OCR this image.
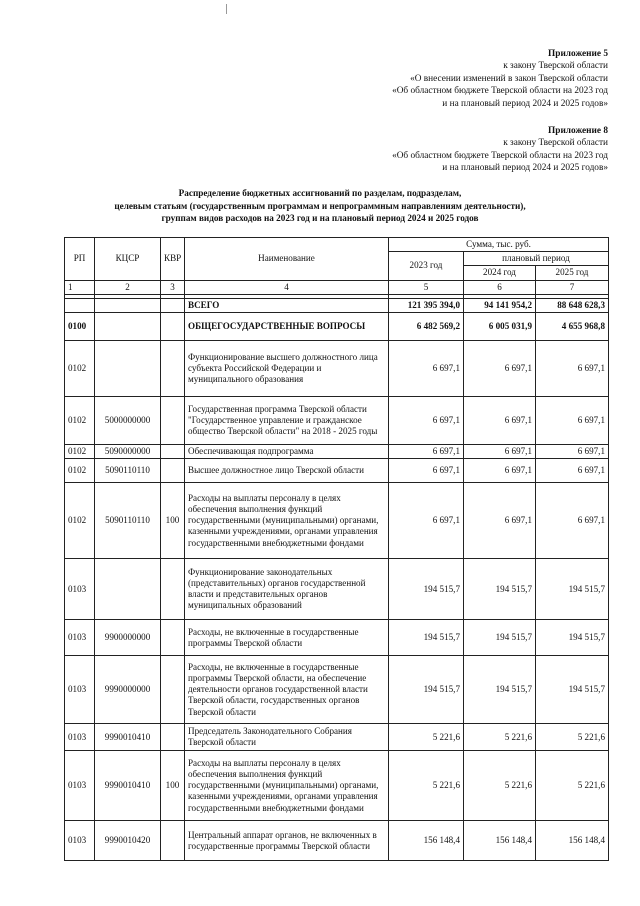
Приложение 5
к закону Тверской области
«О внесении изменений в закон Тверской области
«Об областном бюджете Тверской области на 2023 год
и на плановый период 2024 и 2025 годов»
Приложение 8
к закону Тверской области
«Об областном бюджете Тверской области на 2023 год
и на плановый период 2024 и 2025 годов»
Распределение бюджетных ассигнований по разделам, подразделам,
целевым статьям (государственным программам и непрограммным направлениям деятельности),
группам видов расходов на 2023 год и на плановый период 2024 и 2025 годов
РП	КЦСР	КВР	Наименование	Сумма, тыс. руб.		
				2023 год	плановый период	
					2024 год	2025 год
1	2	3	4	5	6	7

			ВСЕГО	121 395 394,0	94 141 954,2	88 648 628,3
0100			ОБЩЕГОСУДАРСТВЕННЫЕ ВОПРОСЫ	6 482 569,2	6 005 031,9	4 655 968,8
0102			Функционирование высшего должностного лица субъекта Российской Федерации и муниципального образования	6 697,1	6 697,1	6 697,1
0102	5000000000		Государственная программа Тверской области "Государственное управление и гражданское общество Тверской области" на 2018 - 2025 годы	6 697,1	6 697,1	6 697,1
0102	5090000000		Обеспечивающая подпрограмма	6 697,1	6 697,1	6 697,1
0102	5090110110		Высшее должностное лицо Тверской области	6 697,1	6 697,1	6 697,1
0102	5090110110	100	Расходы на выплаты персоналу в целях обеспечения выполнения функций государственными (муниципальными) органами, казенными учреждениями, органами управления государственными внебюджетными фондами	6 697,1	6 697,1	6 697,1
0103			Функционирование законодательных (представительных) органов государственной власти и представительных органов муниципальных образований	194 515,7	194 515,7	194 515,7
0103	9900000000		Расходы, не включенные в государственные программы Тверской области	194 515,7	194 515,7	194 515,7
0103	9990000000		Расходы, не включенные в государственные программы Тверской области, на обеспечение деятельности органов государственной власти Тверской области, государственных органов Тверской области	194 515,7	194 515,7	194 515,7
0103	9990010410		Председатель Законодательного Собрания Тверской области	5 221,6	5 221,6	5 221,6
0103	9990010410	100	Расходы на выплаты персоналу в целях обеспечения выполнения функций государственными (муниципальными) органами, казенными учреждениями, органами управления государственными внебюджетными фондами	5 221,6	5 221,6	5 221,6
0103	9990010420		Центральный аппарат органов, не включенных в государственные программы Тверской области	156 148,4	156 148,4	156 148,4
